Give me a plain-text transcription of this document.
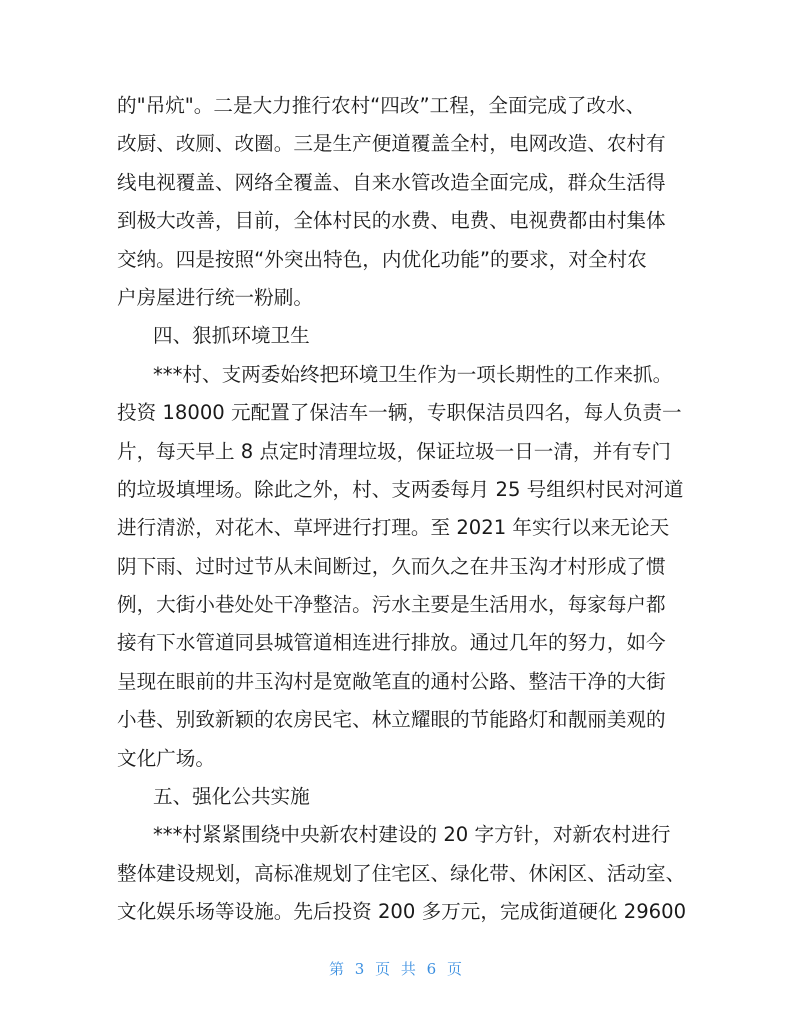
的"吊炕"。二是大力推行农村“四改”工程，全面完成了改水、
改厨、改厕、改圈。三是生产便道覆盖全村，电网改造、农村有
线电视覆盖、网络全覆盖、自来水管改造全面完成，群众生活得
到极大改善，目前，全体村民的水费、电费、电视费都由村集体
交纳。四是按照“外突出特色，内优化功能”的要求，对全村农
户房屋进行统一粉刷。
四、狠抓环境卫生
***村、支两委始终把环境卫生作为一项长期性的工作来抓。
投资 18000 元配置了保洁车一辆，专职保洁员四名，每人负责一
片，每天早上 8 点定时清理垃圾，保证垃圾一日一清，并有专门
的垃圾填埋场。除此之外，村、支两委每月 25 号组织村民对河道
进行清淤，对花木、草坪进行打理。至 2021 年实行以来无论天
阴下雨、过时过节从未间断过，久而久之在井玉沟才村形成了惯
例，大街小巷处处干净整洁。污水主要是生活用水，每家每户都
接有下水管道同县城管道相连进行排放。通过几年的努力，如今
呈现在眼前的井玉沟村是宽敞笔直的通村公路、整洁干净的大街
小巷、别致新颖的农房民宅、林立耀眼的节能路灯和靓丽美观的
文化广场。
五、强化公共实施
***村紧紧围绕中央新农村建设的 20 字方针，对新农村进行
整体建设规划，高标准规划了住宅区、绿化带、休闲区、活动室、
文化娱乐场等设施。先后投资 200 多万元，完成街道硬化 29600
第 3 页 共 6 页
